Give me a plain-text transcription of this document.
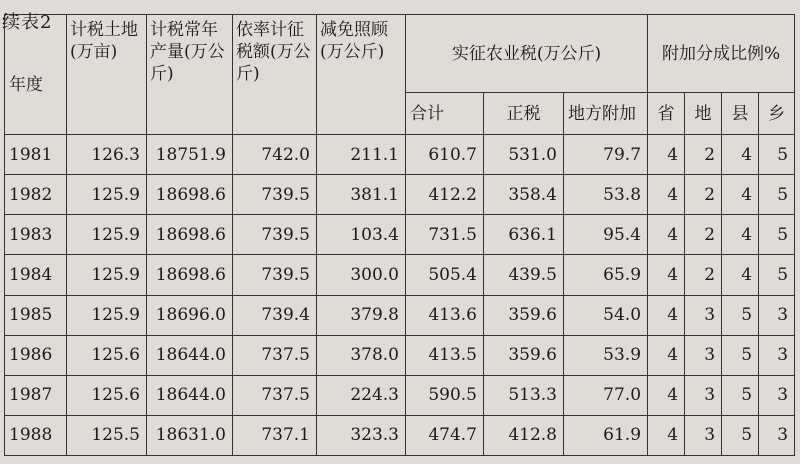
年度	计税土地(万亩)	计税常年产量(万公斤)	依率计征税额(万公斤)	减免照顾(万公斤)	实征农业税(万公斤)			附加分成比例%			
					合计	正税	地方附加	省	地	县	乡
1981	126.3	18751.9	742.0	211.1	610.7	531.0	79.7	4	2	4	5
1982	125.9	18698.6	739.5	381.1	412.2	358.4	53.8	4	2	4	5
1983	125.9	18698.6	739.5	103.4	731.5	636.1	95.4	4	2	4	5
1984	125.9	18698.6	739.5	300.0	505.4	439.5	65.9	4	2	4	5
1985	125.9	18696.0	739.4	379.8	413.6	359.6	54.0	4	3	5	3
1986	125.6	18644.0	737.5	378.0	413.5	359.6	53.9	4	3	5	3
1987	125.6	18644.0	737.5	224.3	590.5	513.3	77.0	4	3	5	3
1988	125.5	18631.0	737.1	323.3	474.7	412.8	61.9	4	3	5	3
续表2
